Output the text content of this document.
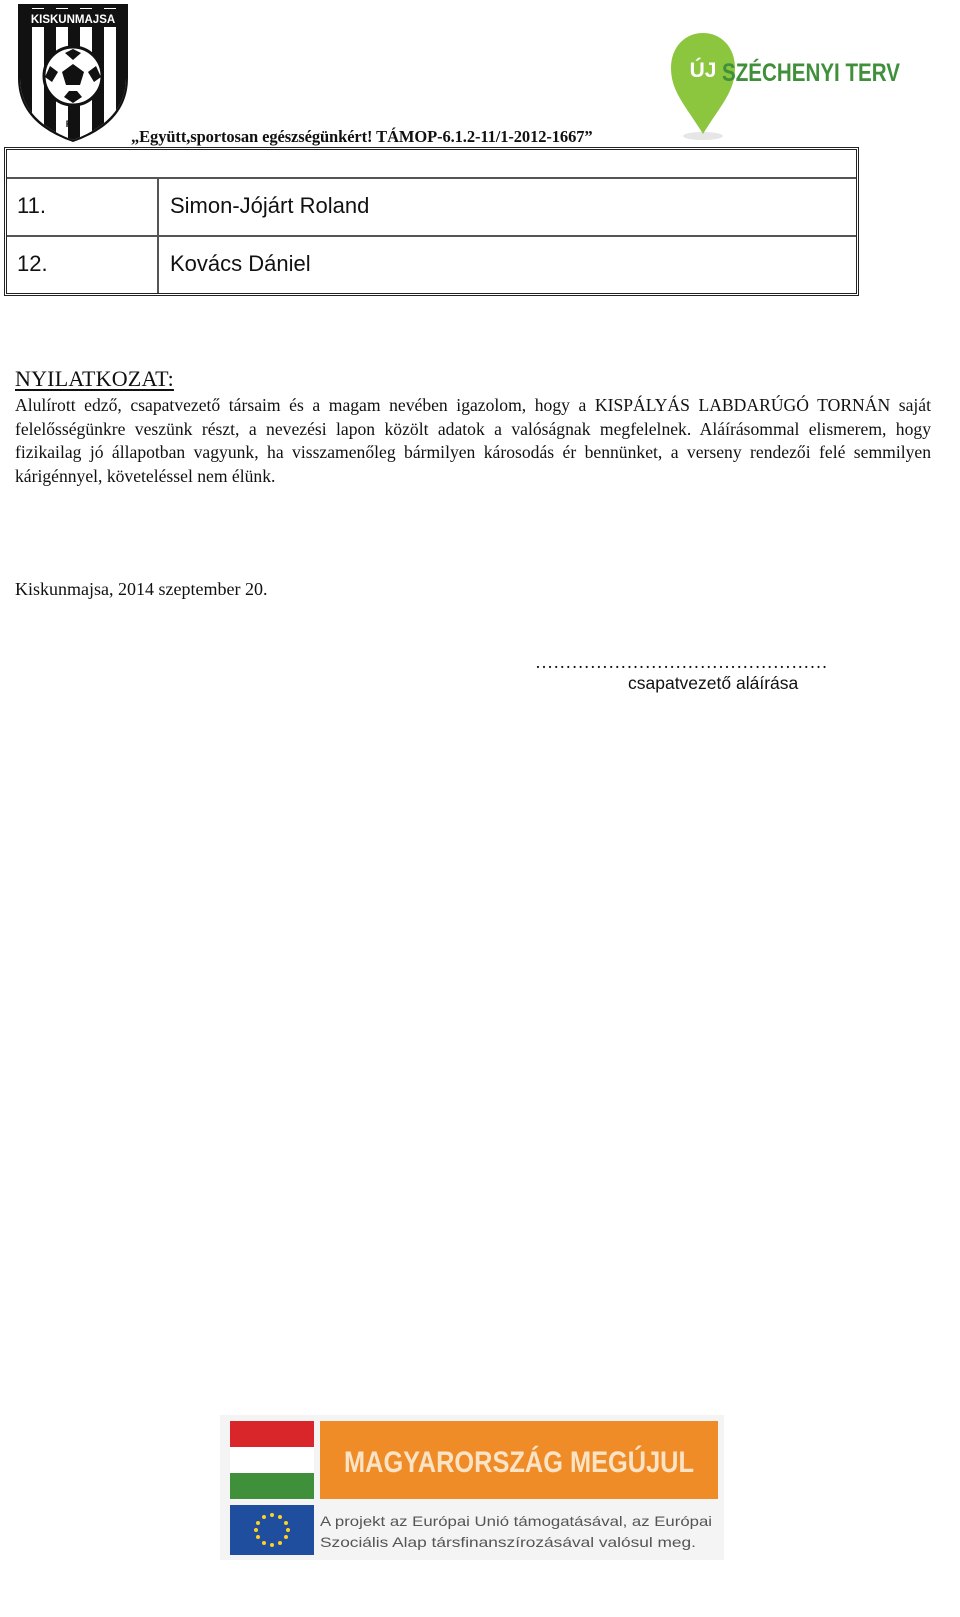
KISKUNMAJSA
F C
ÚJ SZÉCHENYI TERV
„Együtt,sportosan egészségünkért! TÁMOP-6.1.2-11/1-2012-1667”
11.	Simon-Jójárt Roland
12.	Kovács Dániel
NYILATKOZAT:
Alulírott edző, csapatvezető társaim és a magam nevében igazolom, hogy a KISPÁLYÁS LABDARÚGÓ TORNÁN saját felelősségünkre veszünk részt, a nevezési lapon közölt adatok a valóságnak megfelelnek. Aláírásommal elismerem, hogy fizikailag jó állapotban vagyunk, ha visszamenőleg bármilyen károsodás ér bennünket, a verseny rendezői felé semmilyen kárigénnyel, követeléssel nem élünk.
Kiskunmajsa, 2014 szeptember 20.
…………………………………………
csapatvezető aláírása
MAGYARORSZÁG MEGÚJUL
A projekt az Európai Unió támogatásával, az Európai
Szociális Alap társfinanszírozásával valósul meg.
